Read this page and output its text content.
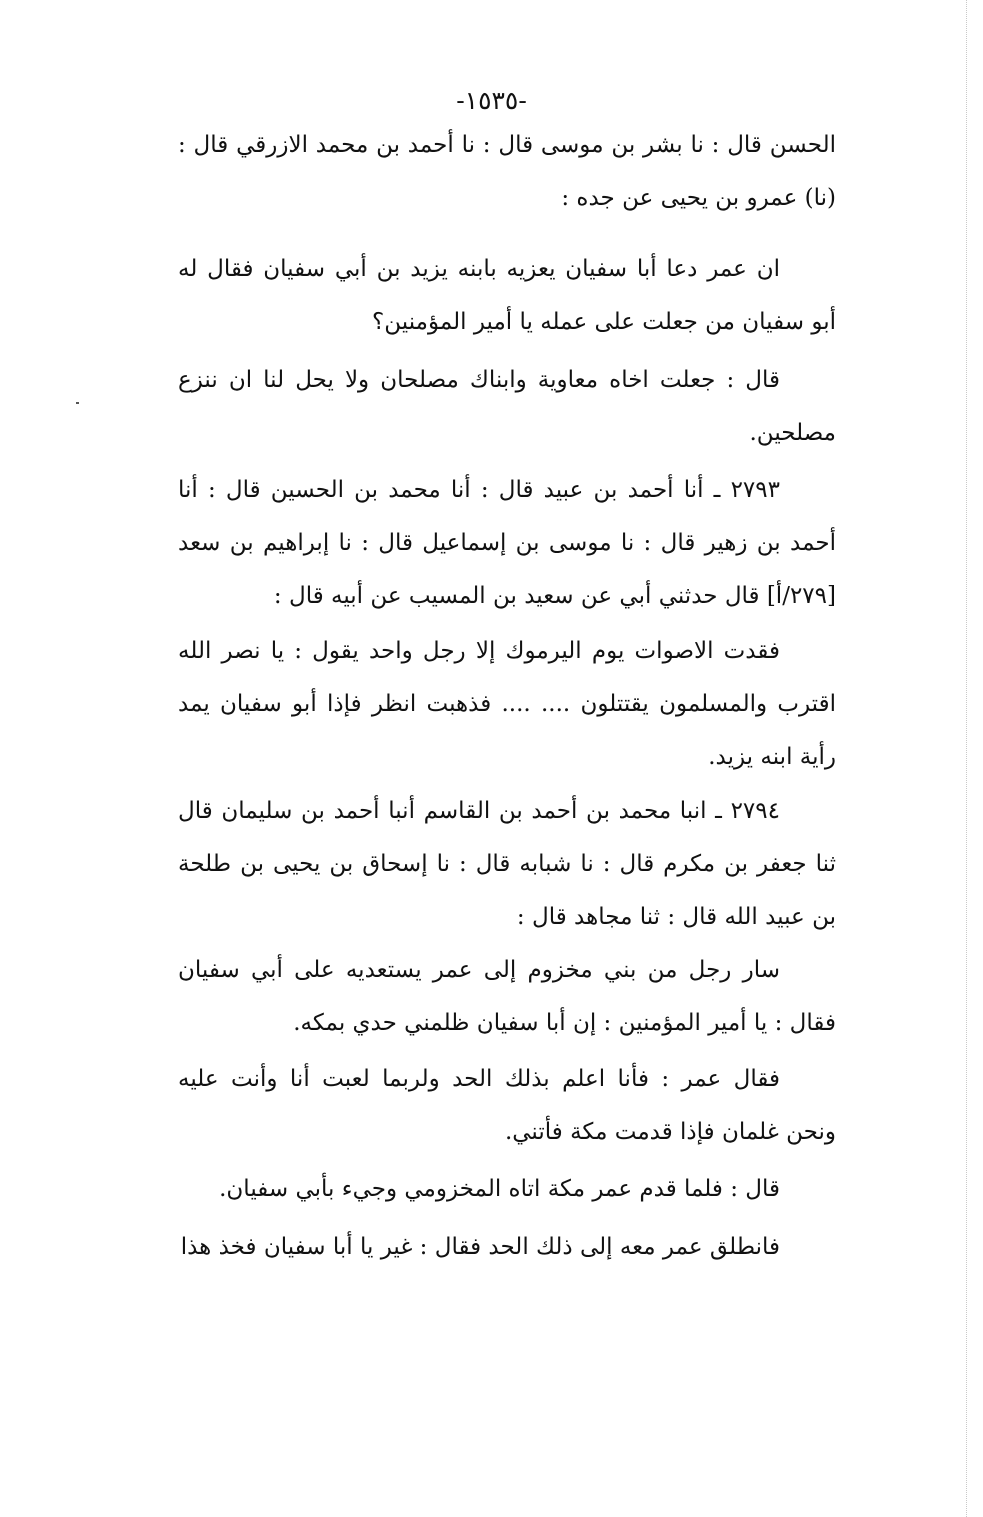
-١٥٣٥-

الحسن قال : نا بشر بن موسى قال : نا أحمد بن محمد الازرقي قال : (نا) عمرو بن يحيى عن جده :

ان عمر دعا أبا سفيان يعزيه بابنه يزيد بن أبي سفيان فقال له أبو سفيان من جعلت على عمله يا أمير المؤمنين؟

قال : جعلت اخاه معاوية وابناك مصلحان ولا يحل لنا ان ننزع مصلحين.

٢٧٩٣ ـ أنا أحمد بن عبيد قال : أنا محمد بن الحسين قال : أنا أحمد بن زهير قال : نا موسى بن إسماعيل قال : نا إبراهيم بن سعد [٢٧٩/أ] قال حدثني أبي عن سعيد بن المسيب عن أبيه قال :

فقدت الاصوات يوم اليرموك إلا رجل واحد يقول : يا نصر الله اقترب والمسلمون يقتتلون .... .... فذهبت انظر فإذا أبو سفيان يمد رأية ابنه يزيد.

٢٧٩٤ ـ انبا محمد بن أحمد بن القاسم أنبا أحمد بن سليمان قال ثنا جعفر بن مكرم قال : نا شبابه قال : نا إسحاق بن يحيى بن طلحة بن عبيد الله قال : ثنا مجاهد قال :

سار رجل من بني مخزوم إلى عمر يستعديه على أبي سفيان فقال : يا أمير المؤمنين : إن أبا سفيان ظلمني حدي بمكه.

فقال عمر : فأنا اعلم بذلك الحد ولربما لعبت أنا وأنت عليه ونحن غلمان فإذا قدمت مكة فأتني.

قال : فلما قدم عمر مكة اتاه المخزومي وجيء بأبي سفيان.

فانطلق عمر معه إلى ذلك الحد فقال : غير يا أبا سفيان فخذ هذا
